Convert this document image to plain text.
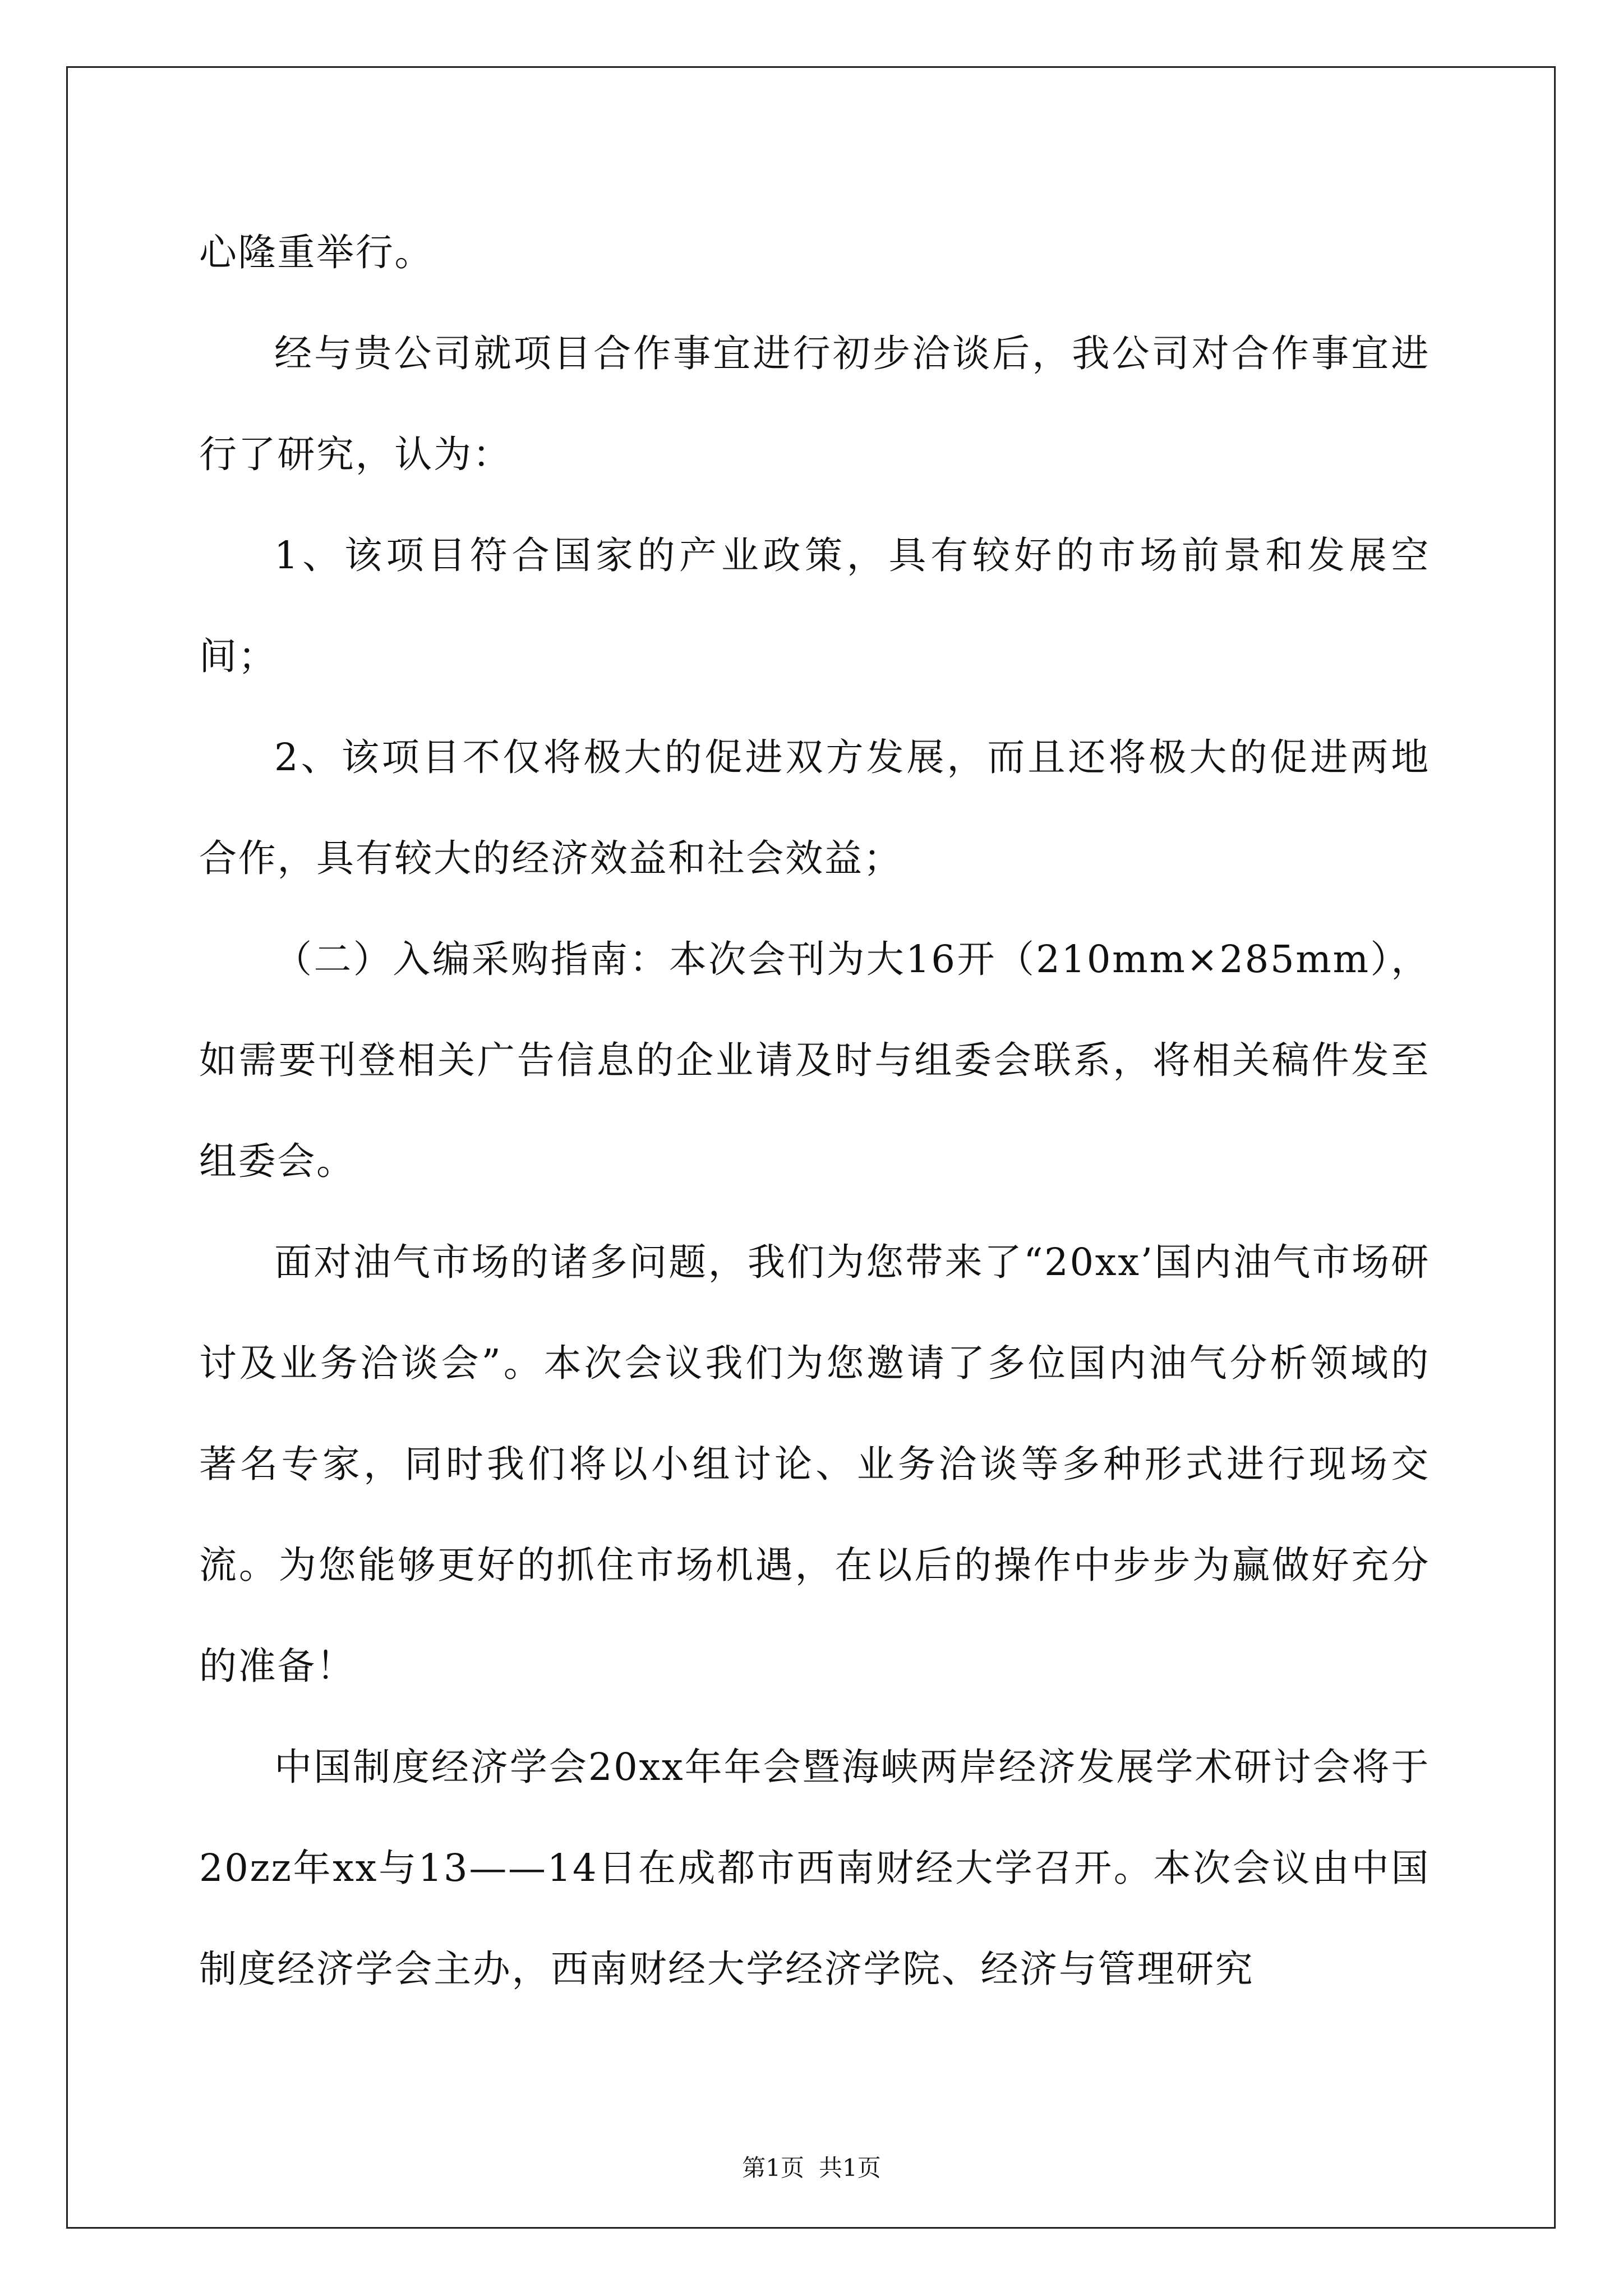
心隆重举行。

经与贵公司就项目合作事宜进行初步洽谈后，我公司对合作事宜进行了研究，认为：

1、该项目符合国家的产业政策，具有较好的市场前景和发展空间；

2、该项目不仅将极大的促进双方发展，而且还将极大的促进两地合作，具有较大的经济效益和社会效益；

（二）入编采购指南：本次会刊为大16开（210mm×285mm），如需要刊登相关广告信息的企业请及时与组委会联系，将相关稿件发至组委会。

面对油气市场的诸多问题，我们为您带来了“20xx’国内油气市场研讨及业务洽谈会”。本次会议我们为您邀请了多位国内油气分析领域的著名专家，同时我们将以小组讨论、业务洽谈等多种形式进行现场交流。为您能够更好的抓住市场机遇，在以后的操作中步步为赢做好充分的准备！

中国制度经济学会20xx年年会暨海峡两岸经济发展学术研讨会将于20zz年xx与13——14日在成都市西南财经大学召开。本次会议由中国制度经济学会主办，西南财经大学经济学院、经济与管理研究

第1页 共1页
